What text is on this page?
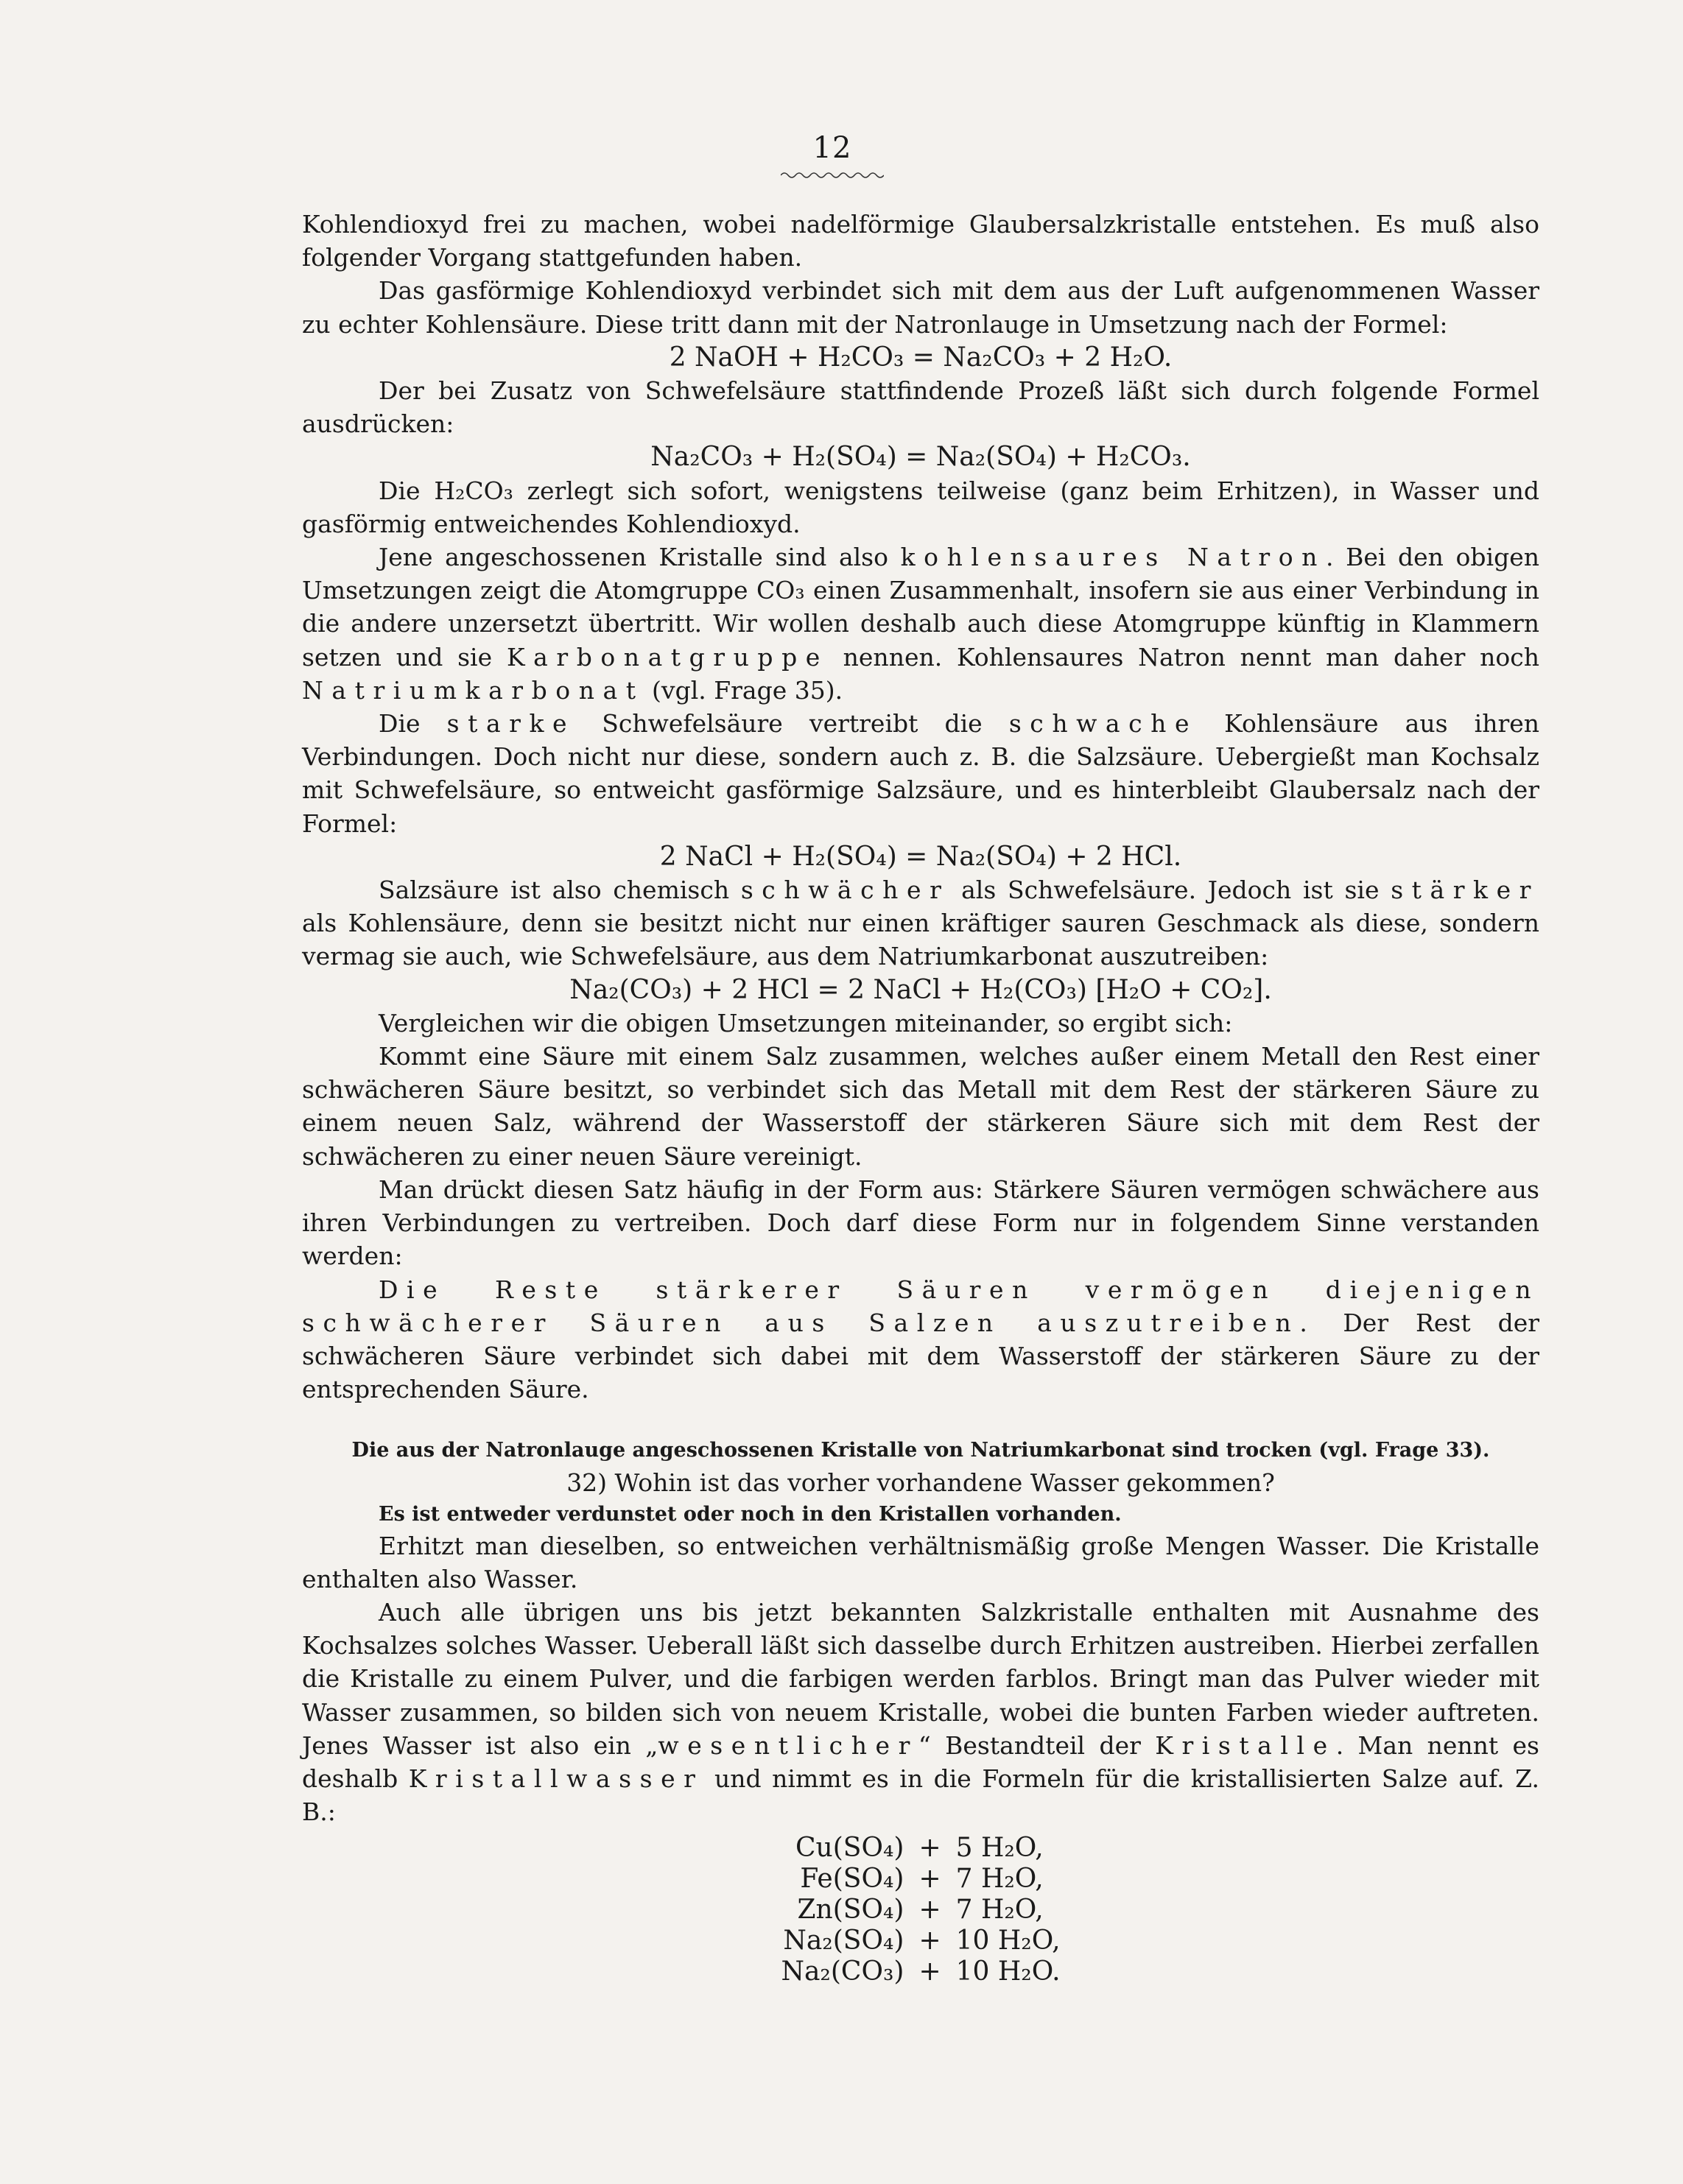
12

Kohlendioxyd frei zu machen, wobei nadelförmige Glaubersalzkristalle entstehen. Es muß also folgender Vorgang stattgefunden haben.

Das gasförmige Kohlendioxyd verbindet sich mit dem aus der Luft aufgenommenen Wasser zu echter Kohlensäure. Diese tritt dann mit der Natronlauge in Umsetzung nach der Formel:

2 NaOH + H₂CO₃ = Na₂CO₃ + 2 H₂O.

Der bei Zusatz von Schwefelsäure stattfindende Prozeß läßt sich durch folgende Formel ausdrücken:

Na₂CO₃ + H₂(SO₄) = Na₂(SO₄) + H₂CO₃.

Die H₂CO₃ zerlegt sich sofort, wenigstens teilweise (ganz beim Erhitzen), in Wasser und gasförmig entweichendes Kohlendioxyd.

Jene angeschossenen Kristalle sind also kohlensaures Natron. Bei den obigen Umsetzungen zeigt die Atomgruppe CO₃ einen Zusammenhalt, insofern sie aus einer Verbindung in die andere unzersetzt übertritt. Wir wollen deshalb auch diese Atomgruppe künftig in Klammern setzen und sie Karbonatgruppe nennen. Kohlensaures Natron nennt man daher noch Natriumkarbonat (vgl. Frage 35).

Die starke Schwefelsäure vertreibt die schwache Kohlensäure aus ihren Verbindungen. Doch nicht nur diese, sondern auch z. B. die Salzsäure. Uebergießt man Kochsalz mit Schwefelsäure, so entweicht gasförmige Salzsäure, und es hinterbleibt Glaubersalz nach der Formel:

2 NaCl + H₂(SO₄) = Na₂(SO₄) + 2 HCl.

Salzsäure ist also chemisch schwächer als Schwefelsäure. Jedoch ist sie stärker als Kohlensäure, denn sie besitzt nicht nur einen kräftiger sauren Geschmack als diese, sondern vermag sie auch, wie Schwefelsäure, aus dem Natriumkarbonat auszutreiben:

Na₂(CO₃) + 2 HCl = 2 NaCl + H₂(CO₃) [H₂O + CO₂].

Vergleichen wir die obigen Umsetzungen miteinander, so ergibt sich:

Kommt eine Säure mit einem Salz zusammen, welches außer einem Metall den Rest einer schwächeren Säure besitzt, so verbindet sich das Metall mit dem Rest der stärkeren Säure zu einem neuen Salz, während der Wasserstoff der stärkeren Säure sich mit dem Rest der schwächeren zu einer neuen Säure vereinigt.

Man drückt diesen Satz häufig in der Form aus: Stärkere Säuren vermögen schwächere aus ihren Verbindungen zu vertreiben. Doch darf diese Form nur in folgendem Sinne verstanden werden:

Die Reste stärkerer Säuren vermögen diejenigen schwächerer Säuren aus Salzen auszutreiben. Der Rest der schwächeren Säure verbindet sich dabei mit dem Wasserstoff der stärkeren Säure zu der entsprechenden Säure.

Die aus der Natronlauge angeschossenen Kristalle von Natriumkarbonat sind trocken (vgl. Frage 33).

32) Wohin ist das vorher vorhandene Wasser gekommen?

Es ist entweder verdunstet oder noch in den Kristallen vorhanden.

Erhitzt man dieselben, so entweichen verhältnismäßig große Mengen Wasser. Die Kristalle enthalten also Wasser.

Auch alle übrigen uns bis jetzt bekannten Salzkristalle enthalten mit Ausnahme des Kochsalzes solches Wasser. Ueberall läßt sich dasselbe durch Erhitzen austreiben. Hierbei zerfallen die Kristalle zu einem Pulver, und die farbigen werden farblos. Bringt man das Pulver wieder mit Wasser zusammen, so bilden sich von neuem Kristalle, wobei die bunten Farben wieder auftreten. Jenes Wasser ist also ein „wesentlicher“ Bestandteil der Kristalle. Man nennt es deshalb Kristallwasser und nimmt es in die Formeln für die kristallisierten Salze auf. Z. B.:

Cu(SO₄)	+	5 H₂O,
Fe(SO₄)	+	7 H₂O,
Zn(SO₄)	+	7 H₂O,
Na₂(SO₄)	+	10 H₂O,
Na₂(CO₃)	+	10 H₂O.
